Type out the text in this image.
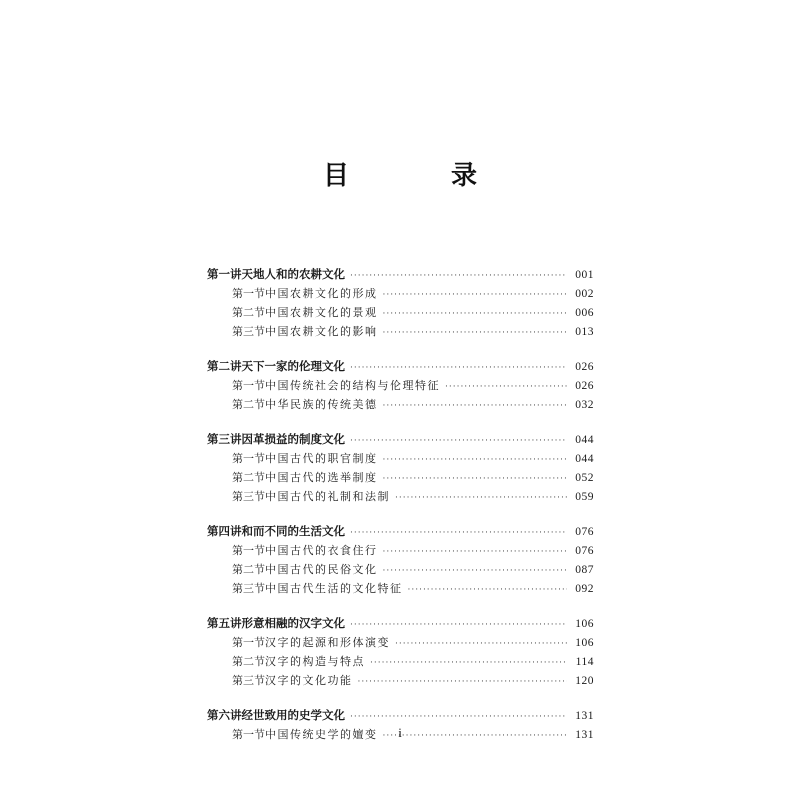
目　录
第一讲 天地人和的农耕文化 ·····	001
第一节 中国农耕文化的形成 ·····	002
第二节 中国农耕文化的景观 ·····	006
第三节 中国农耕文化的影响 ·····	013
第二讲 天下一家的伦理文化 ·····	026
第一节 中国传统社会的结构与伦理特征 ·····	026
第二节 中华民族的传统美德 ·····	032
第三讲 因革损益的制度文化 ·····	044
第一节 中国古代的职官制度 ·····	044
第二节 中国古代的选举制度 ·····	052
第三节 中国古代的礼制和法制 ·····	059
第四讲 和而不同的生活文化 ·····	076
第一节 中国古代的衣食住行 ·····	076
第二节 中国古代的民俗文化 ·····	087
第三节 中国古代生活的文化特征 ·····	092
第五讲 形意相融的汉字文化 ·····	106
第一节 汉字的起源和形体演变 ·····	106
第二节 汉字的构造与特点 ·····	114
第三节 汉字的文化功能 ·····	120
第六讲 经世致用的史学文化 ·····	131
第一节 中国传统史学的嬗变 ·····	131
i
